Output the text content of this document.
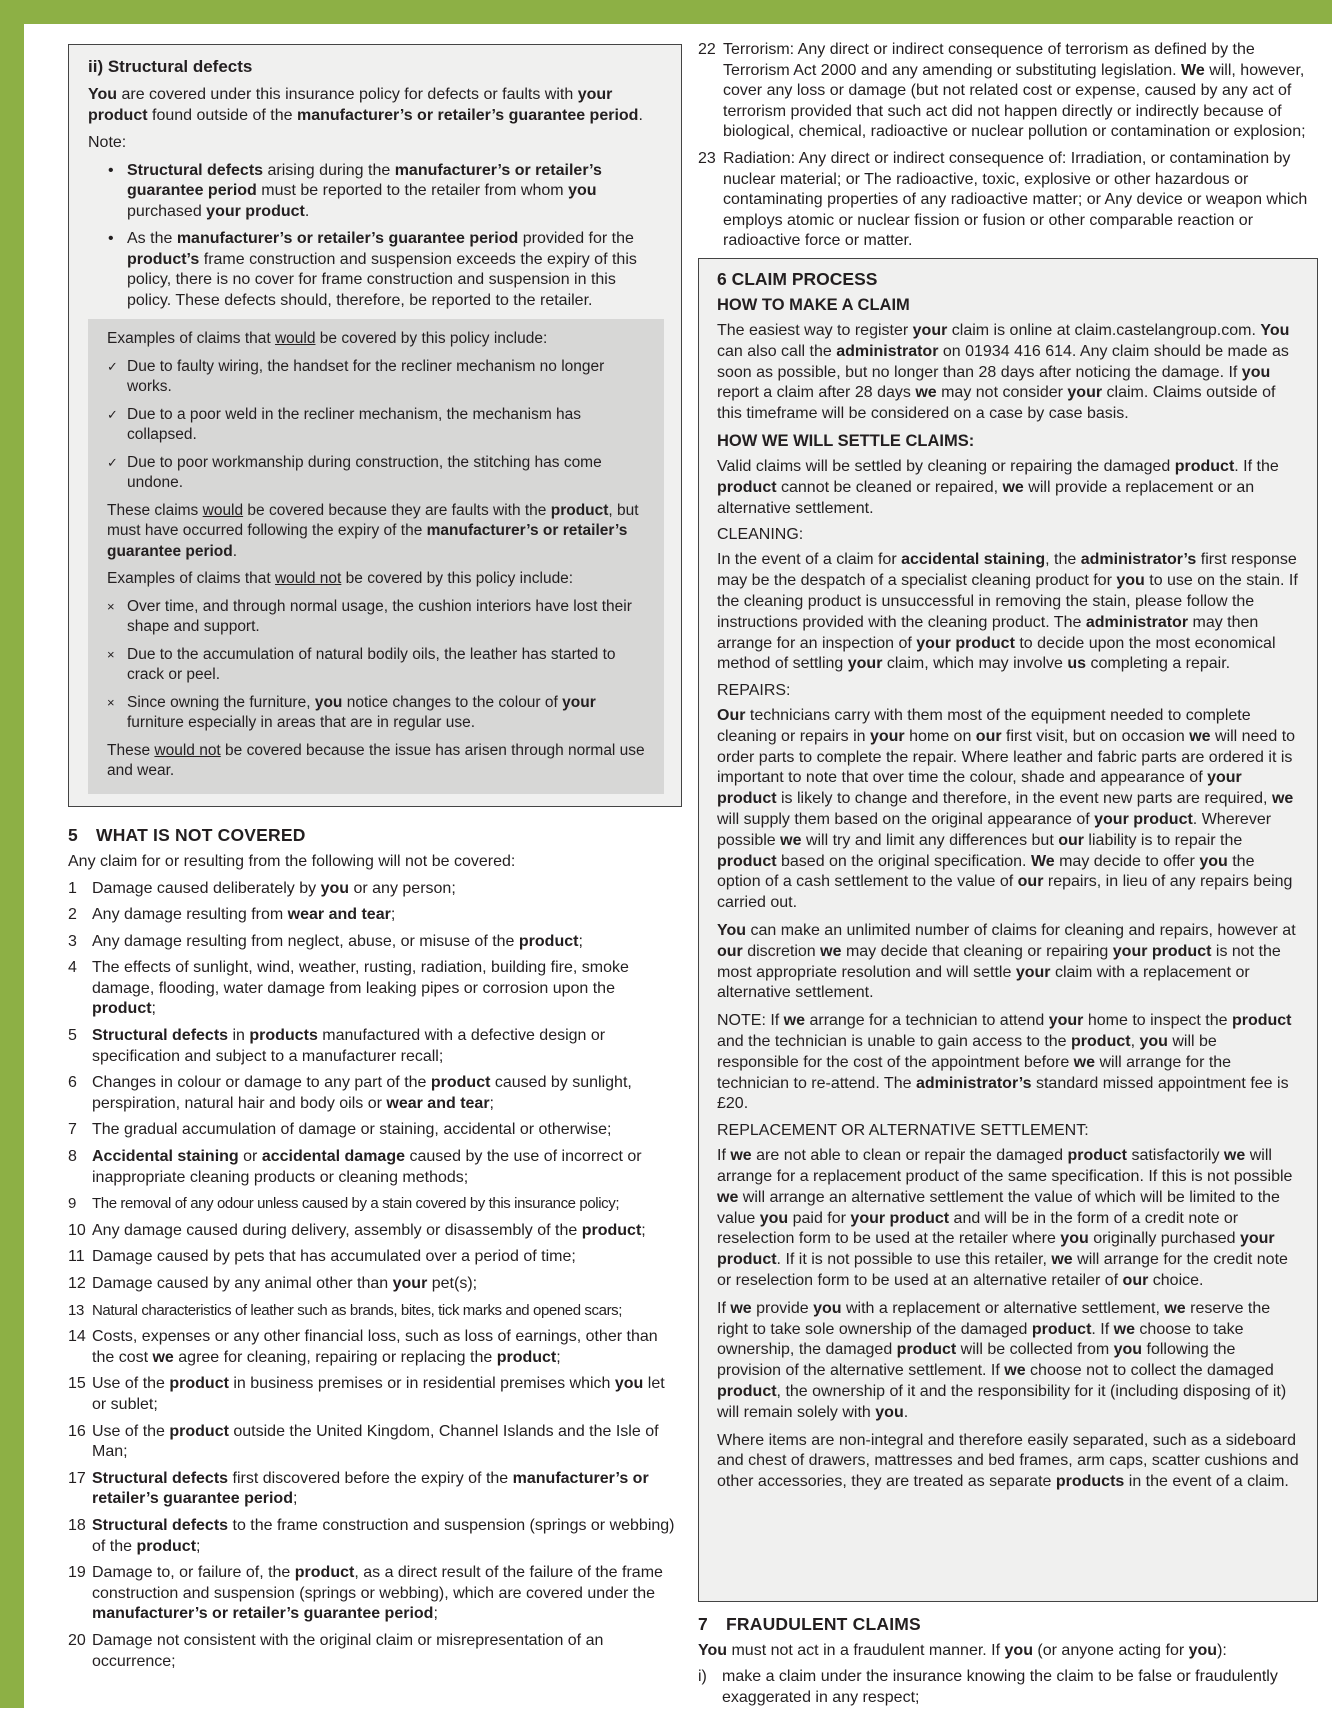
ii) Structural defects
You are covered under this insurance policy for defects or faults with your product found outside of the manufacturer’s or retailer’s guarantee period.
Note:
• Structural defects arising during the manufacturer’s or retailer’s guarantee period must be reported to the retailer from whom you purchased your product.
• As the manufacturer’s or retailer’s guarantee period provided for the product’s frame construction and suspension exceeds the expiry of this policy, there is no cover for frame construction and suspension in this policy. These defects should, therefore, be reported to the retailer.
Examples of claims that would be covered by this policy include:
✓ Due to faulty wiring, the handset for the recliner mechanism no longer works.
✓ Due to a poor weld in the recliner mechanism, the mechanism has collapsed.
✓ Due to poor workmanship during construction, the stitching has come undone.
These claims would be covered because they are faults with the product, but must have occurred following the expiry of the manufacturer’s or retailer’s guarantee period.
Examples of claims that would not be covered by this policy include:
× Over time, and through normal usage, the cushion interiors have lost their shape and support.
× Due to the accumulation of natural bodily oils, the leather has started to crack or peel.
× Since owning the furniture, you notice changes to the colour of your furniture especially in areas that are in regular use.
These would not be covered because the issue has arisen through normal use and wear.
5 WHAT IS NOT COVERED
Any claim for or resulting from the following will not be covered:
1 Damage caused deliberately by you or any person;
2 Any damage resulting from wear and tear;
3 Any damage resulting from neglect, abuse, or misuse of the product;
4 The effects of sunlight, wind, weather, rusting, radiation, building fire, smoke damage, flooding, water damage from leaking pipes or corrosion upon the product;
5 Structural defects in products manufactured with a defective design or specification and subject to a manufacturer recall;
6 Changes in colour or damage to any part of the product caused by sunlight, perspiration, natural hair and body oils or wear and tear;
7 The gradual accumulation of damage or staining, accidental or otherwise;
8 Accidental staining or accidental damage caused by the use of incorrect or inappropriate cleaning products or cleaning methods;
9 The removal of any odour unless caused by a stain covered by this insurance policy;
10 Any damage caused during delivery, assembly or disassembly of the product;
11 Damage caused by pets that has accumulated over a period of time;
12 Damage caused by any animal other than your pet(s);
13 Natural characteristics of leather such as brands, bites, tick marks and opened scars;
14 Costs, expenses or any other financial loss, such as loss of earnings, other than the cost we agree for cleaning, repairing or replacing the product;
15 Use of the product in business premises or in residential premises which you let or sublet;
16 Use of the product outside the United Kingdom, Channel Islands and the Isle of Man;
17 Structural defects first discovered before the expiry of the manufacturer’s or retailer’s guarantee period;
18 Structural defects to the frame construction and suspension (springs or webbing) of the product;
19 Damage to, or failure of, the product, as a direct result of the failure of the frame construction and suspension (springs or webbing), which are covered under the manufacturer’s or retailer’s guarantee period;
20 Damage not consistent with the original claim or misrepresentation of an occurrence;
22 Terrorism: Any direct or indirect consequence of terrorism as defined by the Terrorism Act 2000 and any amending or substituting legislation. We will, however, cover any loss or damage (but not related cost or expense, caused by any act of terrorism provided that such act did not happen directly or indirectly because of biological, chemical, radioactive or nuclear pollution or contamination or explosion;
23 Radiation: Any direct or indirect consequence of: Irradiation, or contamination by nuclear material; or The radioactive, toxic, explosive or other hazardous or contaminating properties of any radioactive matter; or Any device or weapon which employs atomic or nuclear fission or fusion or other comparable reaction or radioactive force or matter.
6 CLAIM PROCESS
HOW TO MAKE A CLAIM
The easiest way to register your claim is online at claim.castelangroup.com. You can also call the administrator on 01934 416 614. Any claim should be made as soon as possible, but no longer than 28 days after noticing the damage. If you report a claim after 28 days we may not consider your claim. Claims outside of this timeframe will be considered on a case by case basis.
HOW WE WILL SETTLE CLAIMS:
Valid claims will be settled by cleaning or repairing the damaged product. If the product cannot be cleaned or repaired, we will provide a replacement or an alternative settlement.
CLEANING:
In the event of a claim for accidental staining, the administrator’s first response may be the despatch of a specialist cleaning product for you to use on the stain. If the cleaning product is unsuccessful in removing the stain, please follow the instructions provided with the cleaning product. The administrator may then arrange for an inspection of your product to decide upon the most economical method of settling your claim, which may involve us completing a repair.
REPAIRS:
Our technicians carry with them most of the equipment needed to complete cleaning or repairs in your home on our first visit, but on occasion we will need to order parts to complete the repair. Where leather and fabric parts are ordered it is important to note that over time the colour, shade and appearance of your product is likely to change and therefore, in the event new parts are required, we will supply them based on the original appearance of your product. Wherever possible we will try and limit any differences but our liability is to repair the product based on the original specification. We may decide to offer you the option of a cash settlement to the value of our repairs, in lieu of any repairs being carried out.
You can make an unlimited number of claims for cleaning and repairs, however at our discretion we may decide that cleaning or repairing your product is not the most appropriate resolution and will settle your claim with a replacement or alternative settlement.
NOTE: If we arrange for a technician to attend your home to inspect the product and the technician is unable to gain access to the product, you will be responsible for the cost of the appointment before we will arrange for the technician to re-attend. The administrator’s standard missed appointment fee is £20.
REPLACEMENT OR ALTERNATIVE SETTLEMENT:
If we are not able to clean or repair the damaged product satisfactorily we will arrange for a replacement product of the same specification. If this is not possible we will arrange an alternative settlement the value of which will be limited to the value you paid for your product and will be in the form of a credit note or reselection form to be used at the retailer where you originally purchased your product. If it is not possible to use this retailer, we will arrange for the credit note or reselection form to be used at an alternative retailer of our choice.
If we provide you with a replacement or alternative settlement, we reserve the right to take sole ownership of the damaged product. If we choose to take ownership, the damaged product will be collected from you following the provision of the alternative settlement. If we choose not to collect the damaged product, the ownership of it and the responsibility for it (including disposing of it) will remain solely with you.
Where items are non-integral and therefore easily separated, such as a sideboard and chest of drawers, mattresses and bed frames, arm caps, scatter cushions and other accessories, they are treated as separate products in the event of a claim.
7 FRAUDULENT CLAIMS
You must not act in a fraudulent manner. If you (or anyone acting for you):
i) make a claim under the insurance knowing the claim to be false or fraudulently exaggerated in any respect;
